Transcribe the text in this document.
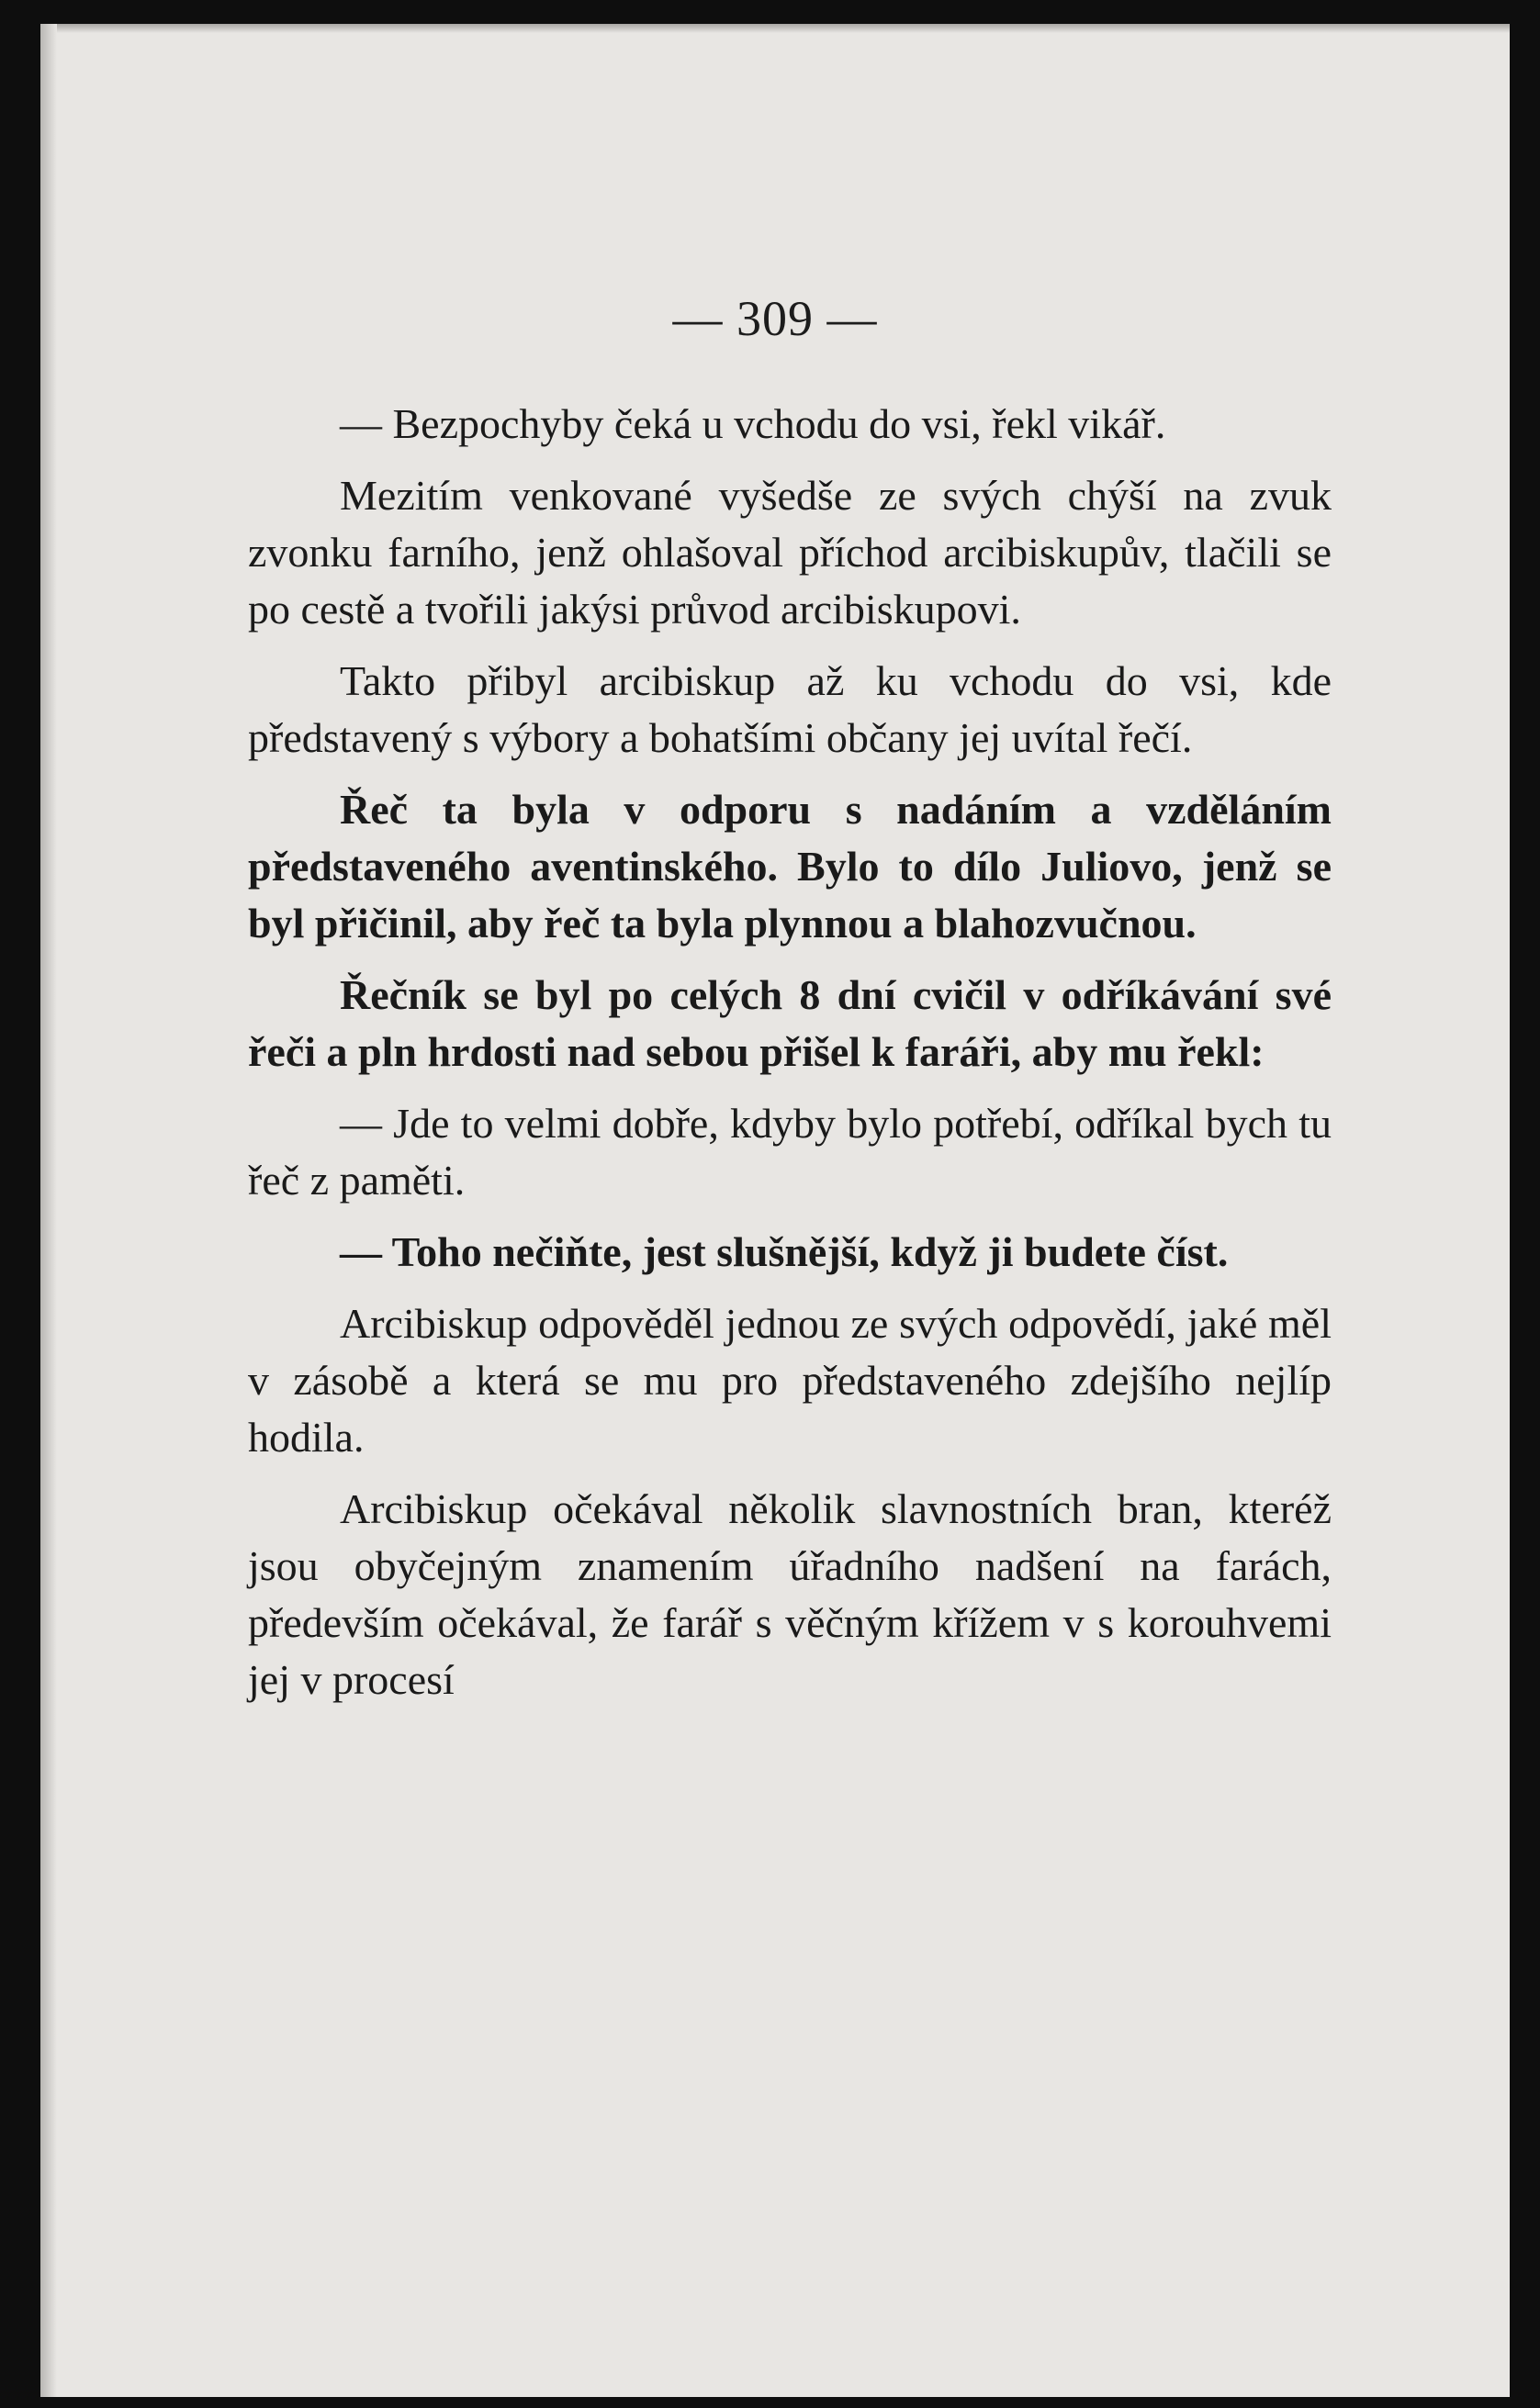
— 309 —

— Bezpochyby čeká u vchodu do vsi, řekl vikář.

Mezitím venkované vyšedše ze svých chýší na zvuk zvonku farního, jenž ohlašoval příchod arcibiskupův, tlačili se po cestě a tvořili jakýsi průvod arcibiskupovi.

Takto přibyl arcibiskup až ku vchodu do vsi, kde představený s výbory a bohatšími občany jej uvítal řečí.

Řeč ta byla v odporu s nadáním a vzděláním představeného aventinského. Bylo to dílo Juliovo, jenž se byl přičinil, aby řeč ta byla plynnou a blahozvučnou.

Řečník se byl po celých 8 dní cvičil v odříkávání své řeči a pln hrdosti nad sebou přišel k faráři, aby mu řekl:

— Jde to velmi dobře, kdyby bylo potřebí, odříkal bych tu řeč z paměti.

— Toho nečiňte, jest slušnější, když ji budete číst.

Arcibiskup odpověděl jednou ze svých odpovědí, jaké měl v zásobě a která se mu pro představeného zdejšího nejlíp hodila.

Arcibiskup očekával několik slavnostních bran, kteréž jsou obyčejným znamením úřadního nadšení na farách, především očekával, že farář s věčným křížem v s korouhvemi jej v procesí
